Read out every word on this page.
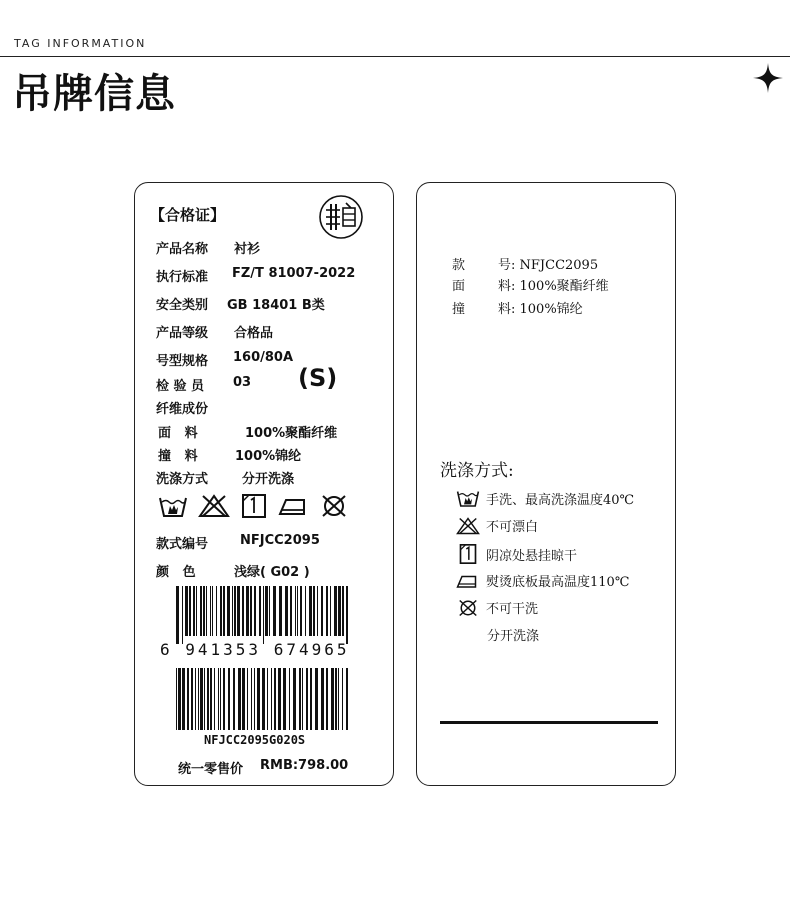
TAG INFORMATION
吊牌信息
【合格证】
产品名称 衬衫
执行标准 FZ/T 81007-2022
安全类别 GB 18401 B类
产品等级 合格品
号型规格 160/80A
检 验 员 03 (S)
纤维成份
面   料	100%聚酯纤维
撞   料	100%锦纶
洗涤方式	分开洗涤
款式编号 NFJCC2095
颜   色	浅绿( G02 )
6 941353 674965
NFJCC2095G020S
统一零售价 RMB:798.00
款	号: NFJCC2095
面	料: 100%聚酯纤维
撞	料: 100%锦纶
洗涤方式:
手洗、最高洗涤温度40℃
不可漂白
阴凉处悬挂晾干
熨烫底板最高温度110℃
不可干洗
分开洗涤
